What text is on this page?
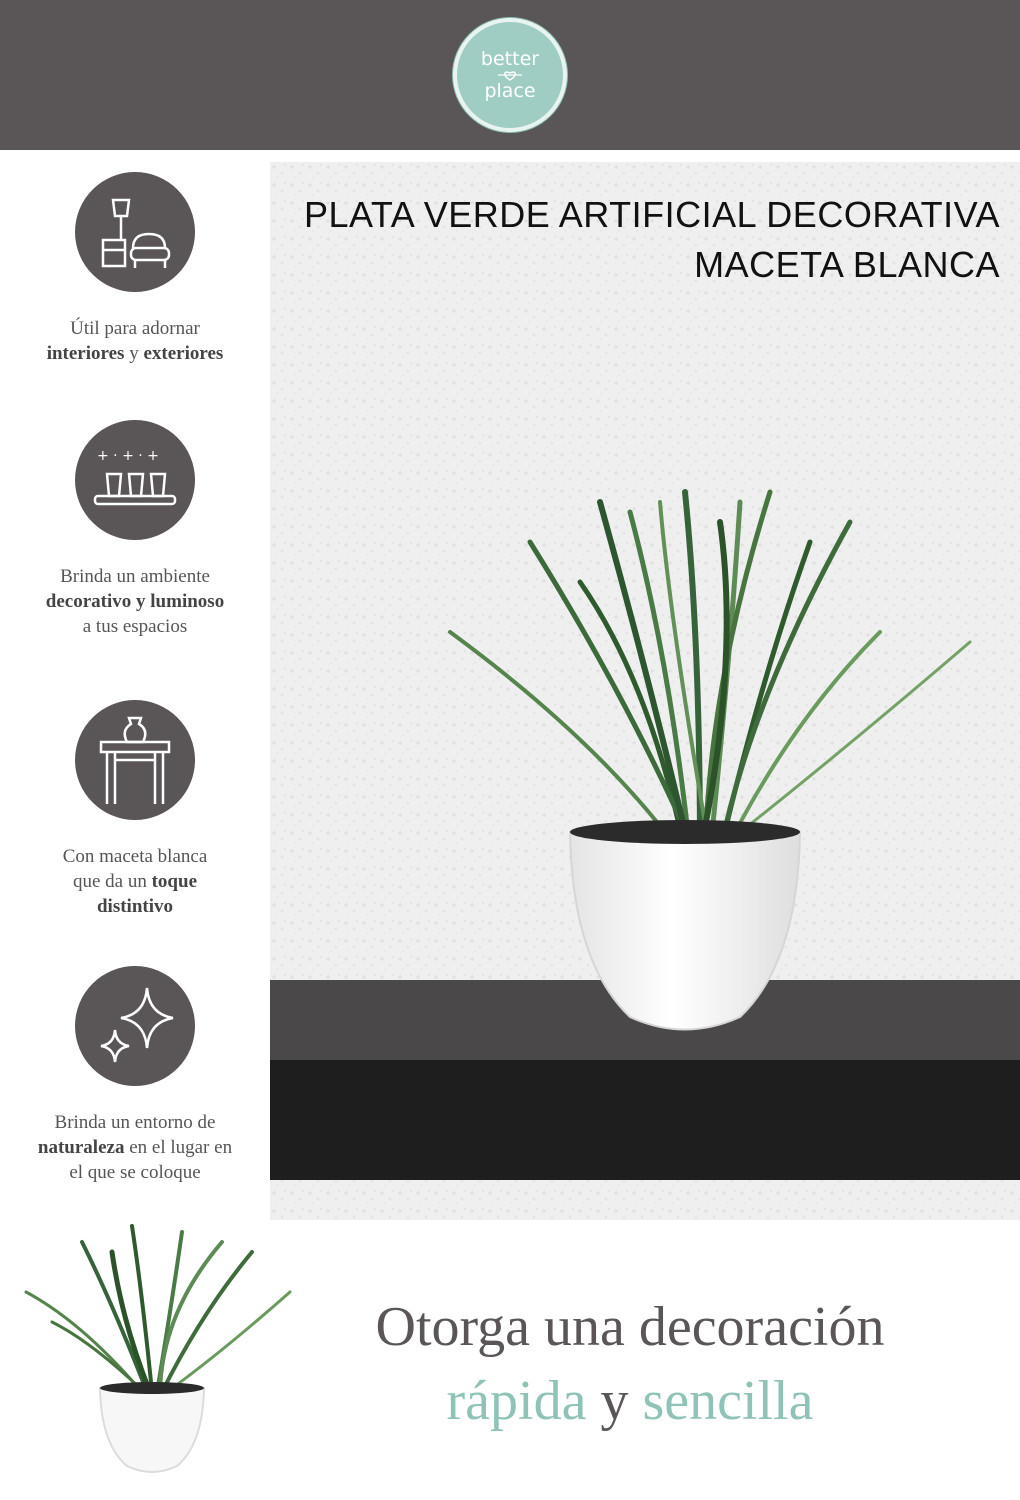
better
place
PLATA VERDE ARTIFICIAL DECORATIVA
MACETA BLANCA

Útil para adornar
interiores y exteriores

+ · + · +

Brinda un ambiente
decorativo y luminoso
a tus espacios

Con maceta blanca
que da un toque
distintivo

Brinda un entorno de
naturaleza en el lugar en
el que se coloque

Otorga una decoración
rápida y sencilla
